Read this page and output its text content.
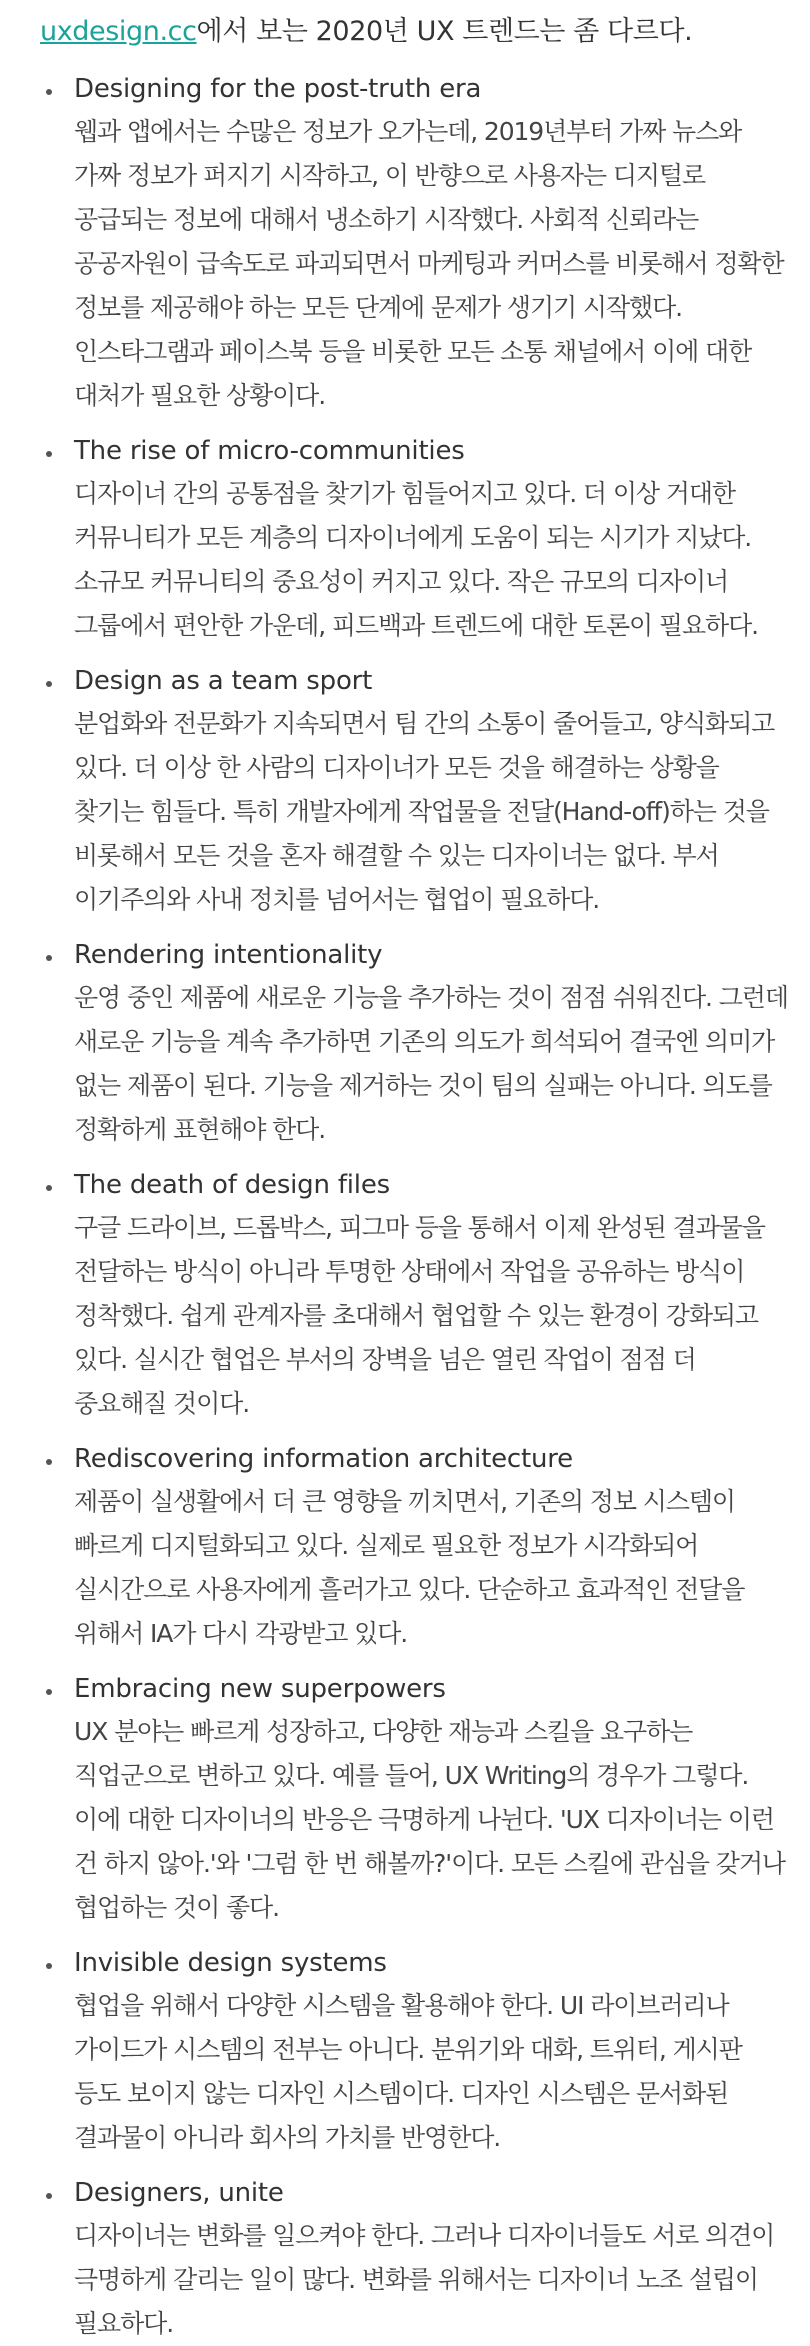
uxdesign.cc에서 보는 2020년 UX 트렌드는 좀 다르다.

Designing for the post-truth era
웹과 앱에서는 수많은 정보가 오가는데, 2019년부터 가짜 뉴스와 가짜 정보가 퍼지기 시작하고, 이 반향으로 사용자는 디지털로 공급되는 정보에 대해서 냉소하기 시작했다. 사회적 신뢰라는 공공자원이 급속도로 파괴되면서 마케팅과 커머스를 비롯해서 정확한 정보를 제공해야 하는 모든 단계에 문제가 생기기 시작했다. 인스타그램과 페이스북 등을 비롯한 모든 소통 채널에서 이에 대한 대처가 필요한 상황이다.
The rise of micro-communities
디자이너 간의 공통점을 찾기가 힘들어지고 있다. 더 이상 거대한 커뮤니티가 모든 계층의 디자이너에게 도움이 되는 시기가 지났다. 소규모 커뮤니티의 중요성이 커지고 있다. 작은 규모의 디자이너 그룹에서 편안한 가운데, 피드백과 트렌드에 대한 토론이 필요하다.
Design as a team sport
분업화와 전문화가 지속되면서 팀 간의 소통이 줄어들고, 양식화되고 있다. 더 이상 한 사람의 디자이너가 모든 것을 해결하는 상황을 찾기는 힘들다. 특히 개발자에게 작업물을 전달(Hand-off)하는 것을 비롯해서 모든 것을 혼자 해결할 수 있는 디자이너는 없다. 부서 이기주의와 사내 정치를 넘어서는 협업이 필요하다.
Rendering intentionality
운영 중인 제품에 새로운 기능을 추가하는 것이 점점 쉬워진다. 그런데 새로운 기능을 계속 추가하면 기존의 의도가 희석되어 결국엔 의미가 없는 제품이 된다. 기능을 제거하는 것이 팀의 실패는 아니다. 의도를 정확하게 표현해야 한다.
The death of design files
구글 드라이브, 드롭박스, 피그마 등을 통해서 이제 완성된 결과물을 전달하는 방식이 아니라 투명한 상태에서 작업을 공유하는 방식이 정착했다. 쉽게 관계자를 초대해서 협업할 수 있는 환경이 강화되고 있다. 실시간 협업은 부서의 장벽을 넘은 열린 작업이 점점 더 중요해질 것이다.
Rediscovering information architecture
제품이 실생활에서 더 큰 영향을 끼치면서, 기존의 정보 시스템이 빠르게 디지털화되고 있다. 실제로 필요한 정보가 시각화되어 실시간으로 사용자에게 흘러가고 있다. 단순하고 효과적인 전달을 위해서 IA가 다시 각광받고 있다.
Embracing new superpowers
UX 분야는 빠르게 성장하고, 다양한 재능과 스킬을 요구하는 직업군으로 변하고 있다. 예를 들어, UX Writing의 경우가 그렇다. 이에 대한 디자이너의 반응은 극명하게 나뉜다. 'UX 디자이너는 이런 건 하지 않아.'와 '그럼 한 번 해볼까?'이다. 모든 스킬에 관심을 갖거나 협업하는 것이 좋다.
Invisible design systems
협업을 위해서 다양한 시스템을 활용해야 한다. UI 라이브러리나 가이드가 시스템의 전부는 아니다. 분위기와 대화, 트위터, 게시판 등도 보이지 않는 디자인 시스템이다. 디자인 시스템은 문서화된 결과물이 아니라 회사의 가치를 반영한다.
Designers, unite
디자이너는 변화를 일으켜야 한다. 그러나 디자이너들도 서로 의견이 극명하게 갈리는 일이 많다. 변화를 위해서는 디자이너 노조 설립이 필요하다.
